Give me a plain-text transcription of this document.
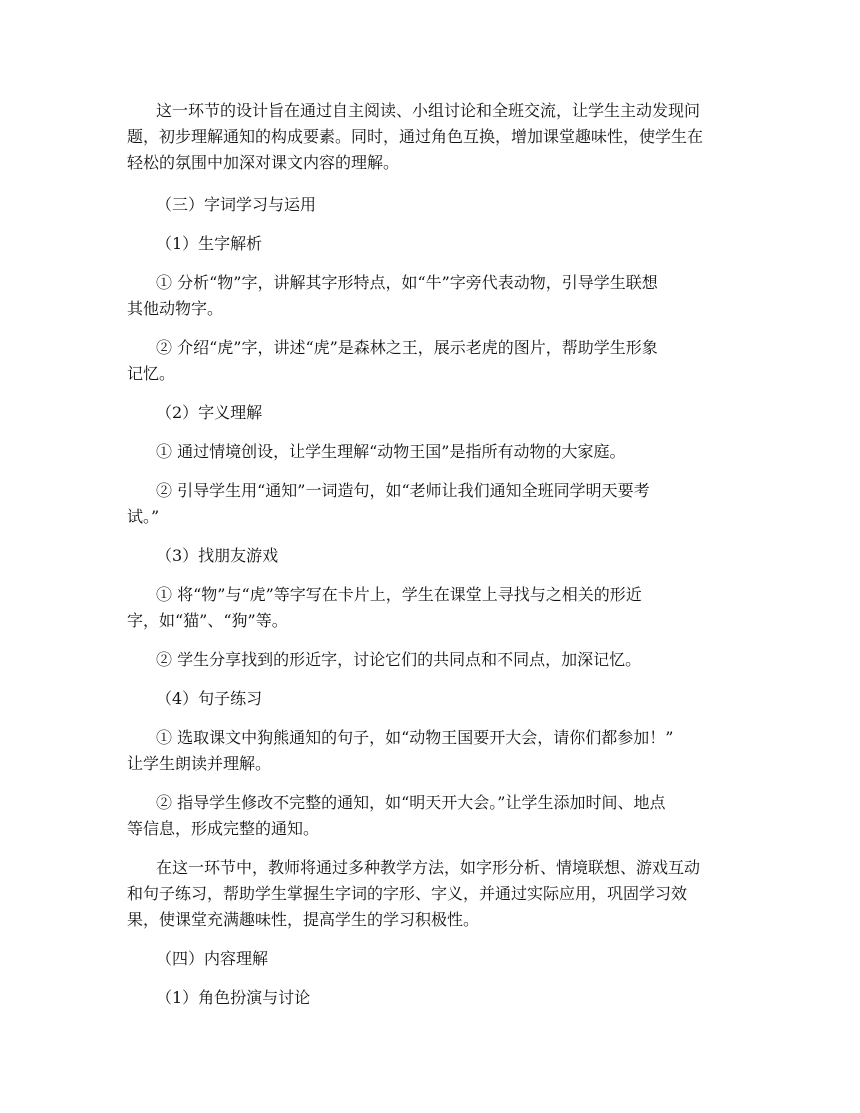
这一环节的设计旨在通过自主阅读、小组讨论和全班交流，让学生主动发现问
题，初步理解通知的构成要素。同时，通过角色互换，增加课堂趣味性，使学生在
轻松的氛围中加深对课文内容的理解。
（三）字词学习与运用
（1）生字解析
① 分析“物”字，讲解其字形特点，如“牛”字旁代表动物，引导学生联想
其他动物字。
② 介绍“虎”字，讲述“虎”是森林之王，展示老虎的图片，帮助学生形象
记忆。
（2）字义理解
① 通过情境创设，让学生理解“动物王国”是指所有动物的大家庭。
② 引导学生用“通知”一词造句，如“老师让我们通知全班同学明天要考
试。”
（3）找朋友游戏
① 将“物”与“虎”等字写在卡片上，学生在课堂上寻找与之相关的形近
字，如“猫”、“狗”等。
② 学生分享找到的形近字，讨论它们的共同点和不同点，加深记忆。
（4）句子练习
① 选取课文中狗熊通知的句子，如“动物王国要开大会，请你们都参加！”
让学生朗读并理解。
② 指导学生修改不完整的通知，如“明天开大会。”让学生添加时间、地点
等信息，形成完整的通知。
在这一环节中，教师将通过多种教学方法，如字形分析、情境联想、游戏互动
和句子练习，帮助学生掌握生字词的字形、字义，并通过实际应用，巩固学习效
果，使课堂充满趣味性，提高学生的学习积极性。
（四）内容理解
（1）角色扮演与讨论
